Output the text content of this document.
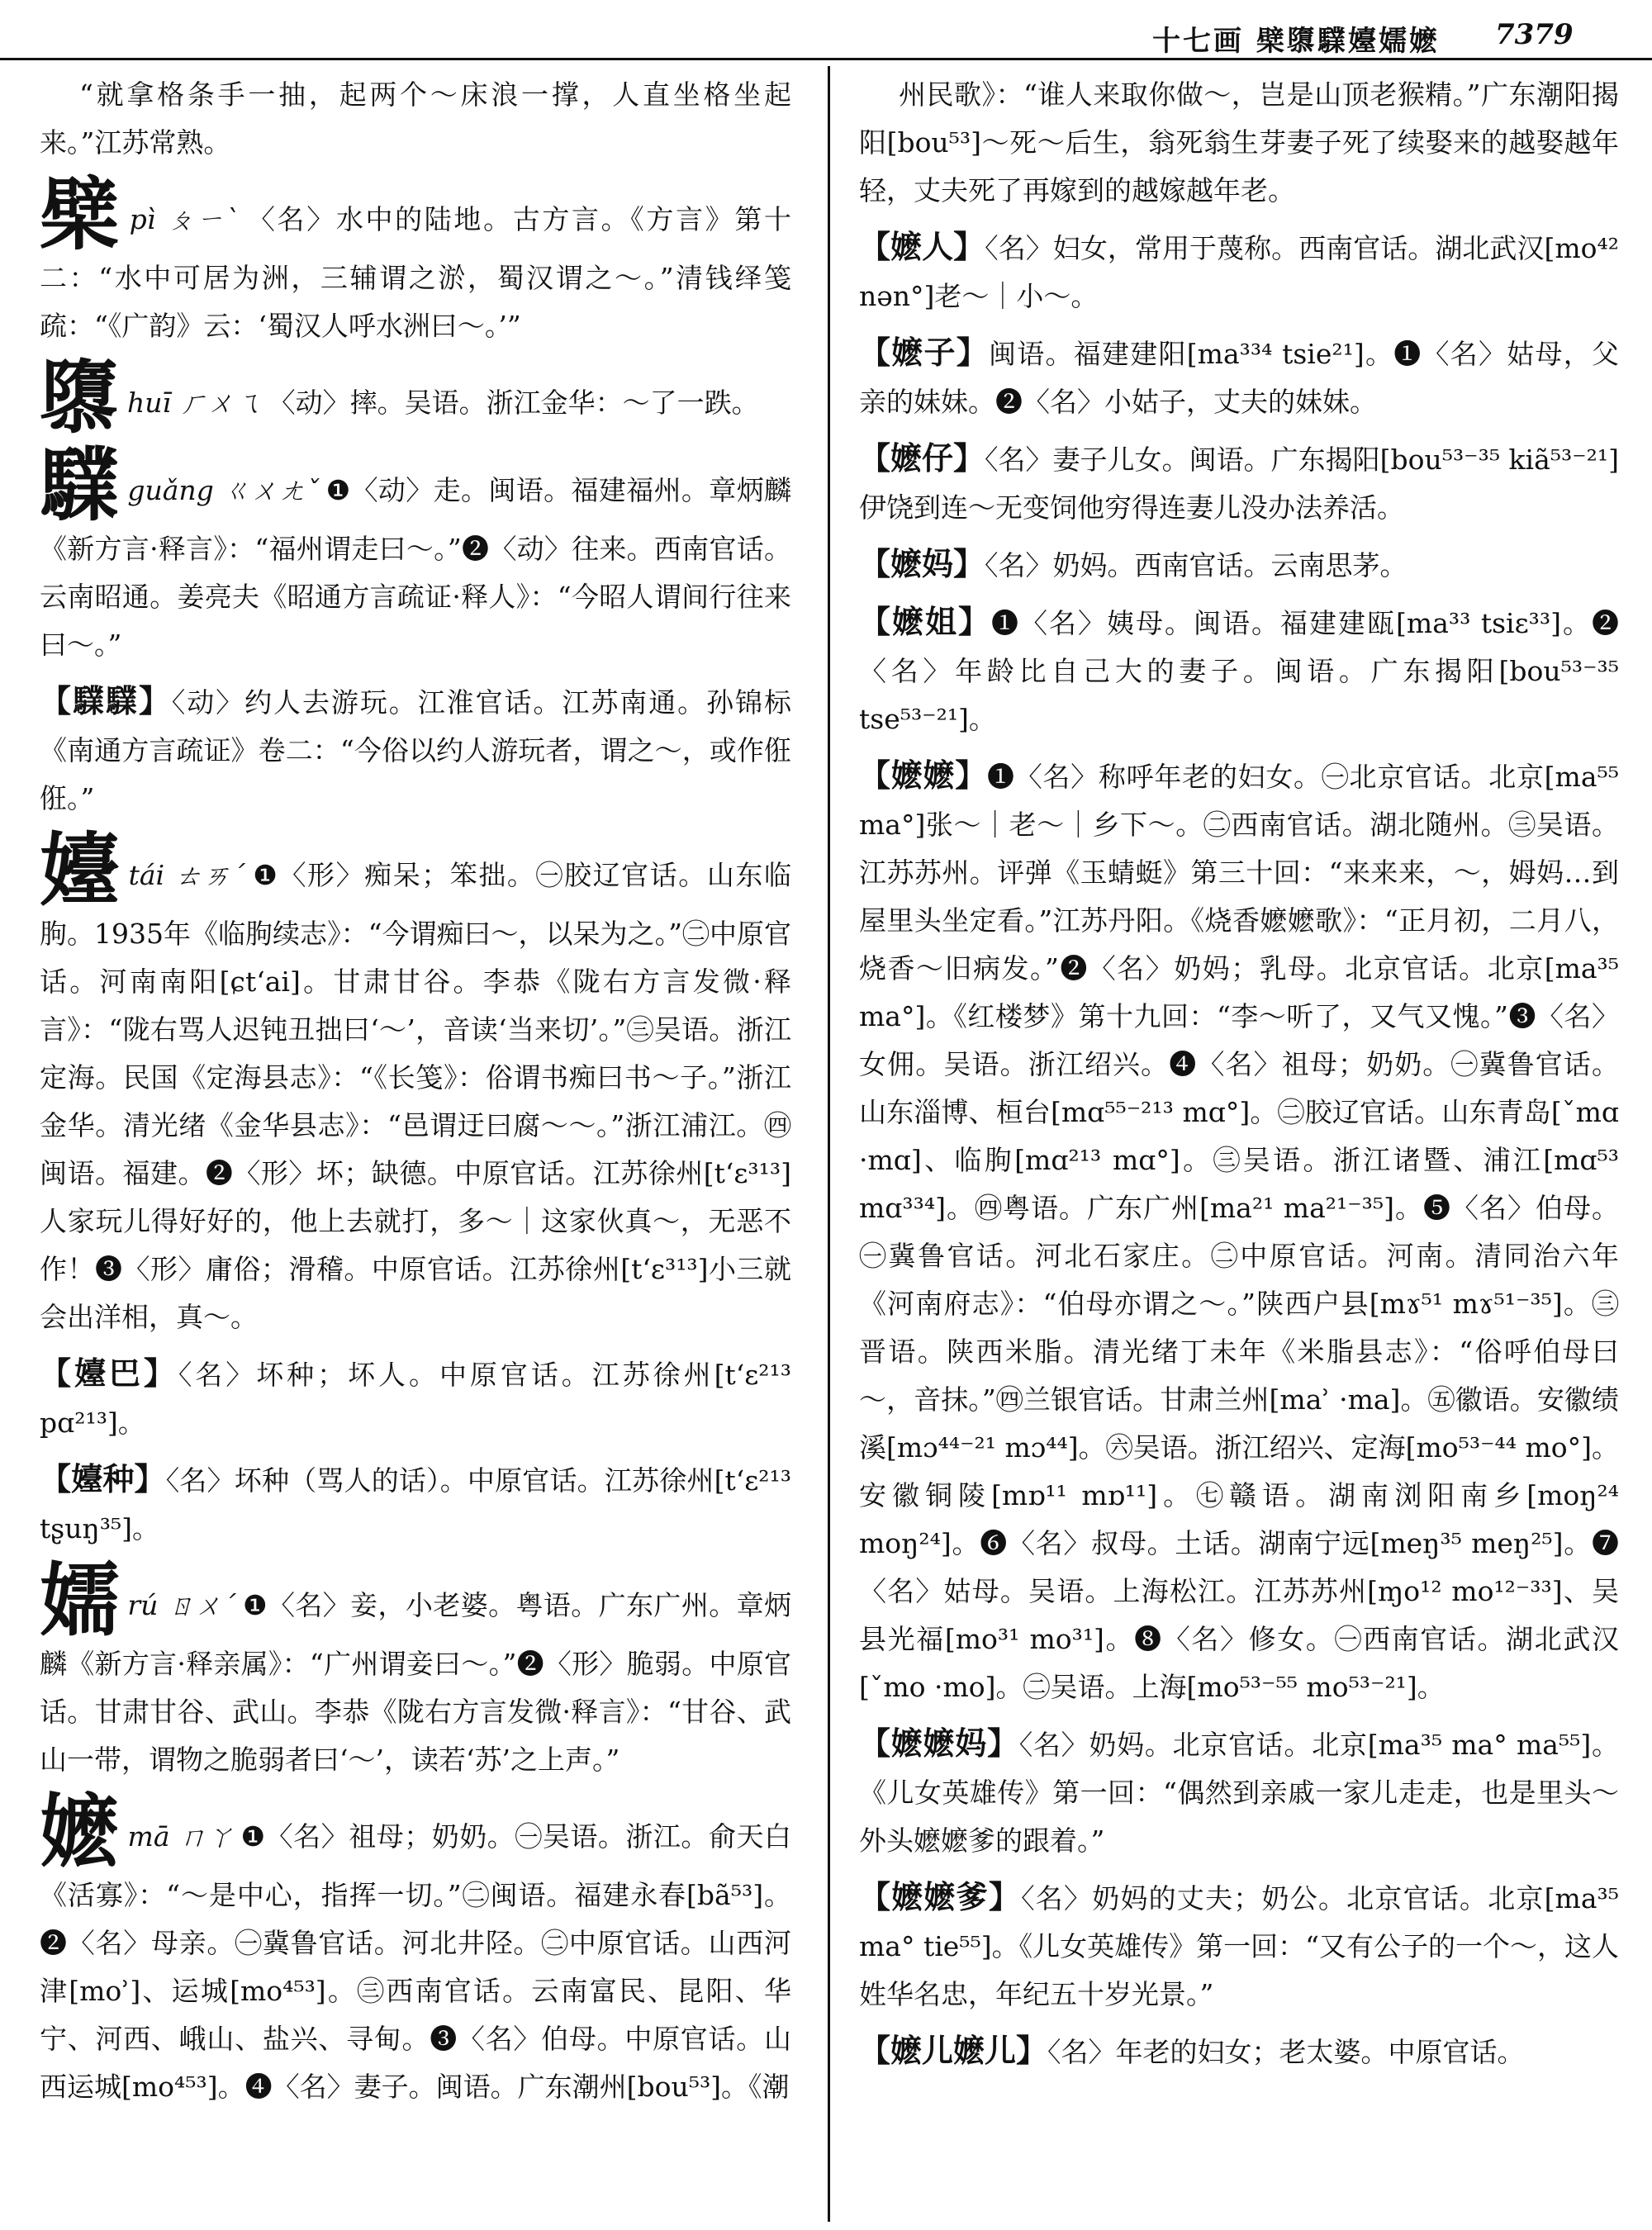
十七画 檗隳驜嬯嬬嬷 7379

“就拿格条手一抽，起两个～床浪一撑，人直坐格坐起来。”江苏常熟。

檗pì ㄆㄧˋ 〈名〉水中的陆地。古方言。《方言》第十二：“水中可居为洲，三辅谓之淤，蜀汉谓之～。”清钱绎笺疏：“《广韵》云：‘蜀汉人呼水洲曰～。’”

隳huī ㄏㄨㄟ 〈动〉摔。吴语。浙江金华：～了一跌。

驜guǎng ㄍㄨㄤˇ ❶〈动〉走。闽语。福建福州。章炳麟《新方言·释言》：“福州谓走曰～。”❷〈动〉往来。西南官话。云南昭通。姜亮夫《昭通方言疏证·释人》：“今昭人谓间行往来曰～。”

【驜驜】〈动〉约人去游玩。江淮官话。江苏南通。孙锦标《南通方言疏证》卷二：“今俗以约人游玩者，谓之～，或作俇俇。”

嬯tái ㄊㄞˊ ❶〈形〉痴呆；笨拙。㊀胶辽官话。山东临朐。1935年《临朐续志》：“今谓痴曰～，以呆为之。”㊁中原官话。河南南阳[ɕt‘ai]。甘肃甘谷。李恭《陇右方言发微·释言》：“陇右骂人迟钝丑拙曰‘～’，音读‘当来切’。”㊂吴语。浙江定海。民国《定海县志》：“《长笺》：俗谓书痴曰书～子。”浙江金华。清光绪《金华县志》：“邑谓迂曰腐～～。”浙江浦江。㊃闽语。福建。❷〈形〉坏；缺德。中原官话。江苏徐州[t‘ɛ³¹³]人家玩儿得好好的，他上去就打，多～｜这家伙真～，无恶不作！❸〈形〉庸俗；滑稽。中原官话。江苏徐州[t‘ɛ³¹³]小三就会出洋相，真～。

【嬯巴】〈名〉坏种；坏人。中原官话。江苏徐州[t‘ɛ²¹³ pɑ²¹³]。

【嬯种】〈名〉坏种（骂人的话）。中原官话。江苏徐州[t‘ɛ²¹³ tʂuŋ³⁵]。

嬬rú ㄖㄨˊ ❶〈名〉妾，小老婆。粤语。广东广州。章炳麟《新方言·释亲属》：“广州谓妾曰～。”❷〈形〉脆弱。中原官话。甘肃甘谷、武山。李恭《陇右方言发微·释言》：“甘谷、武山一带，谓物之脆弱者曰‘～’，读若‘苏’之上声。”

嬷mā ㄇㄚ ❶〈名〉祖母；奶奶。㊀吴语。浙江。俞天白《活寡》：“～是中心，指挥一切。”㊁闽语。福建永春[bã⁵³]。❷〈名〉母亲。㊀冀鲁官话。河北井陉。㊁中原官话。山西河津[moʾ]、运城[mo⁴⁵³]。㊂西南官话。云南富民、昆阳、华宁、河西、峨山、盐兴、寻甸。❸〈名〉伯母。中原官话。山西运城[mo⁴⁵³]。❹〈名〉妻子。闽语。广东潮州[bou⁵³]。《潮

州民歌》：“谁人来取你做～，岂是山顶老猴精。”广东潮阳揭阳[bou⁵³]～死～后生，翁死翁生芽妻子死了续娶来的越娶越年轻，丈夫死了再嫁到的越嫁越年老。

【嬷人】〈名〉妇女，常用于蔑称。西南官话。湖北武汉[mo⁴² nən°]老～｜小～。

【嬷子】闽语。福建建阳[ma³³⁴ tsie²¹]。❶〈名〉姑母，父亲的妹妹。❷〈名〉小姑子，丈夫的妹妹。

【嬷仔】〈名〉妻子儿女。闽语。广东揭阳[bou⁵³⁻³⁵ kiã⁵³⁻²¹]伊饶到连～无变饲他穷得连妻儿没办法养活。

【嬷妈】〈名〉奶妈。西南官话。云南思茅。

【嬷姐】❶〈名〉姨母。闽语。福建建瓯[ma³³ tsiɛ³³]。❷〈名〉年龄比自己大的妻子。闽语。广东揭阳[bou⁵³⁻³⁵ tse⁵³⁻²¹]。

【嬷嬷】❶〈名〉称呼年老的妇女。㊀北京官话。北京[ma⁵⁵ ma°]张～｜老～｜乡下～。㊁西南官话。湖北随州。㊂吴语。江苏苏州。评弹《玉蜻蜓》第三十回：“来来来，～，姆妈…到屋里头坐定看。”江苏丹阳。《烧香嬷嬷歌》：“正月初，二月八，烧香～旧病发。”❷〈名〉奶妈；乳母。北京官话。北京[ma³⁵ ma°]。《红楼梦》第十九回：“李～听了，又气又愧。”❸〈名〉女佣。吴语。浙江绍兴。❹〈名〉祖母；奶奶。㊀冀鲁官话。山东淄博、桓台[mɑ⁵⁵⁻²¹³ mɑ°]。㊁胶辽官话。山东青岛[ˇmɑ ·mɑ]、临朐[mɑ²¹³ mɑ°]。㊂吴语。浙江诸暨、浦江[mɑ⁵³ mɑ³³⁴]。㊃粤语。广东广州[ma²¹ ma²¹⁻³⁵]。❺〈名〉伯母。㊀冀鲁官话。河北石家庄。㊁中原官话。河南。清同治六年《河南府志》：“伯母亦谓之～。”陕西户县[mɤ⁵¹ mɤ⁵¹⁻³⁵]。㊂晋语。陕西米脂。清光绪丁未年《米脂县志》：“俗呼伯母曰～，音抹。”㊃兰银官话。甘肃兰州[maʾ ·ma]。㊄徽语。安徽绩溪[mɔ⁴⁴⁻²¹ mɔ⁴⁴]。㊅吴语。浙江绍兴、定海[mo⁵³⁻⁴⁴ mo°]。安徽铜陵[mɒ¹¹ mɒ¹¹]。㊆赣语。湖南浏阳南乡[moŋ²⁴ moŋ²⁴]。❻〈名〉叔母。土话。湖南宁远[meŋ³⁵ meŋ²⁵]。❼〈名〉姑母。吴语。上海松江。江苏苏州[ɱo¹² mo¹²⁻³³]、吴县光福[mo³¹ mo³¹]。❽〈名〉修女。㊀西南官话。湖北武汉[ˇmo ·mo]。㊁吴语。上海[mo⁵³⁻⁵⁵ mo⁵³⁻²¹]。

【嬷嬷妈】〈名〉奶妈。北京官话。北京[ma³⁵ ma° ma⁵⁵]。《儿女英雄传》第一回：“偶然到亲戚一家儿走走，也是里头～外头嬷嬷爹的跟着。”

【嬷嬷爹】〈名〉奶妈的丈夫；奶公。北京官话。北京[ma³⁵ ma° tie⁵⁵]。《儿女英雄传》第一回：“又有公子的一个～，这人姓华名忠，年纪五十岁光景。”

【嬷儿嬷儿】〈名〉年老的妇女；老太婆。中原官话。
